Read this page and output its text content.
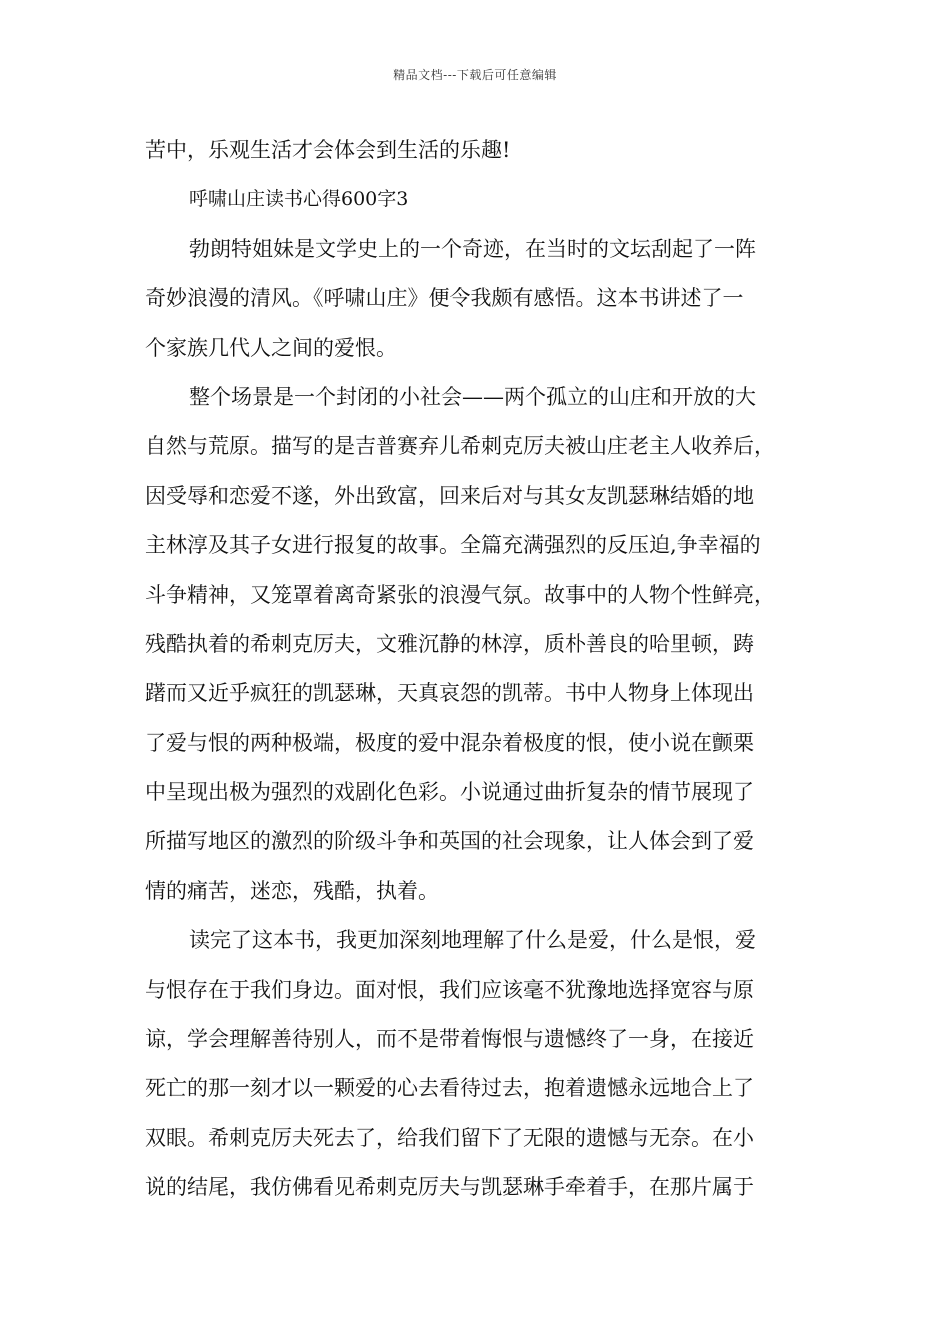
精品文档---下载后可任意编辑
苦中，乐观生活才会体会到生活的乐趣!
呼啸山庄读书心得600字3
勃朗特姐妹是文学史上的一个奇迹，在当时的文坛刮起了一阵
奇妙浪漫的清风。《呼啸山庄》便令我颇有感悟。这本书讲述了一
个家族几代人之间的爱恨。
整个场景是一个封闭的小社会——两个孤立的山庄和开放的大
自然与荒原。描写的是吉普赛弃儿希刺克厉夫被山庄老主人收养后，
因受辱和恋爱不遂，外出致富，回来后对与其女友凯瑟琳结婚的地
主林淳及其子女进行报复的故事。全篇充满强烈的反压迫,争幸福的
斗争精神，又笼罩着离奇紧张的浪漫气氛。故事中的人物个性鲜亮，
残酷执着的希刺克厉夫，文雅沉静的林淳，质朴善良的哈里顿，踌
躇而又近乎疯狂的凯瑟琳，天真哀怨的凯蒂。书中人物身上体现出
了爱与恨的两种极端，极度的爱中混杂着极度的恨，使小说在颤栗
中呈现出极为强烈的戏剧化色彩。小说通过曲折复杂的情节展现了
所描写地区的激烈的阶级斗争和英国的社会现象，让人体会到了爱
情的痛苦，迷恋，残酷，执着。
读完了这本书，我更加深刻地理解了什么是爱，什么是恨，爱
与恨存在于我们身边。面对恨，我们应该毫不犹豫地选择宽容与原
谅，学会理解善待别人，而不是带着悔恨与遗憾终了一身，在接近
死亡的那一刻才以一颗爱的心去看待过去，抱着遗憾永远地合上了
双眼。希刺克厉夫死去了，给我们留下了无限的遗憾与无奈。在小
说的结尾，我仿佛看见希刺克厉夫与凯瑟琳手牵着手，在那片属于
